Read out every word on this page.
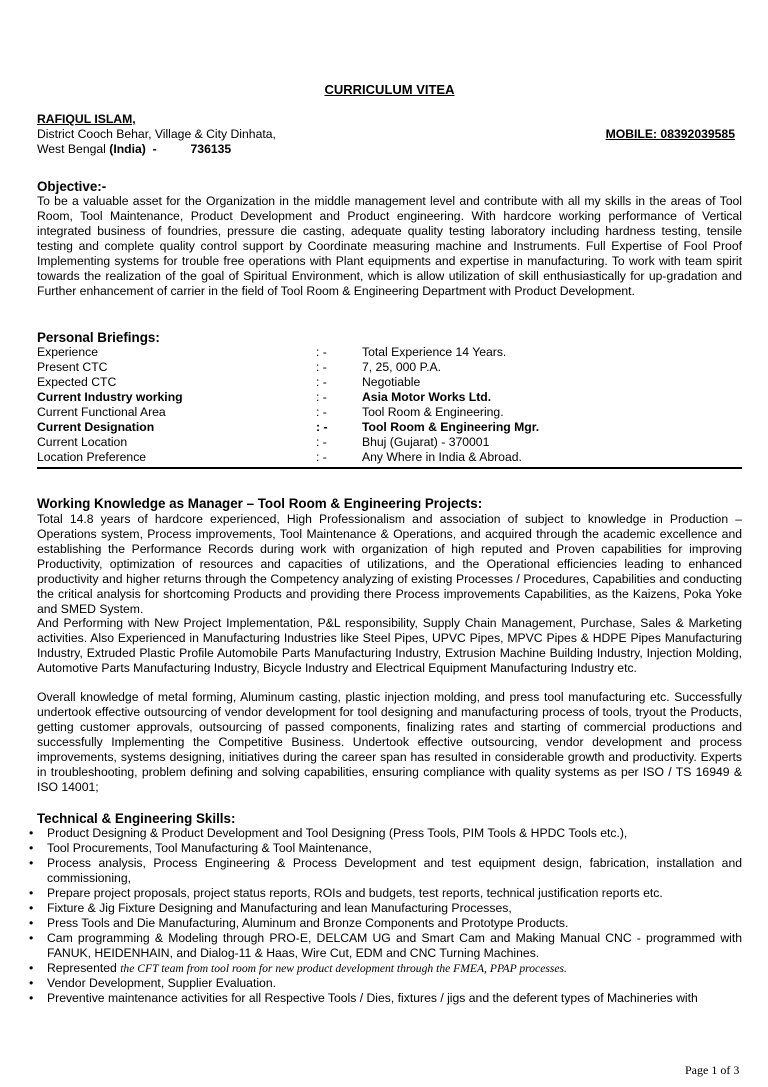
CURRICULUM VITEA
RAFIQUL ISLAM,
District Cooch Behar, Village & City Dinhata,	MOBILE: 08392039585
West Bengal (India)  -          736135
Objective:-
To be a valuable asset for the Organization in the middle management level and contribute with all my skills in the areas of Tool Room, Tool Maintenance, Product Development and Product engineering. With hardcore working performance of Vertical integrated business of foundries, pressure die casting, adequate quality testing laboratory including hardness testing, tensile testing and complete quality control support by Coordinate measuring machine and Instruments. Full Expertise of Fool Proof Implementing systems for trouble free operations with Plant equipments and expertise in manufacturing. To work with team spirit towards the realization of the goal of Spiritual Environment, which is allow utilization of skill enthusiastically for up-gradation and Further enhancement of carrier in the field of Tool Room & Engineering Department with Product Development.
Personal Briefings:
Experience	: -	Total Experience 14 Years.
Present CTC	: -	7, 25, 000 P.A.
Expected CTC	: -	Negotiable
Current Industry working	: -	Asia Motor Works Ltd.
Current Functional Area	: -	Tool Room & Engineering.
Current Designation	: -	Tool Room & Engineering Mgr.
Current Location	: -	Bhuj (Gujarat) - 370001
Location Preference	: -	Any Where in India & Abroad.
Working Knowledge as Manager – Tool Room & Engineering Projects:
Total 14.8 years of hardcore experienced, High Professionalism and association of subject to knowledge in Production – Operations system, Process improvements, Tool Maintenance & Operations, and acquired through the academic excellence and establishing the Performance Records during work with organization of high reputed and Proven capabilities for improving Productivity, optimization of resources and capacities of utilizations, and the Operational efficiencies leading to enhanced productivity and higher returns through the Competency analyzing of existing Processes / Procedures, Capabilities and conducting the critical analysis for shortcoming Products and providing there Process improvements Capabilities, as the Kaizens, Poka Yoke and SMED System.
And Performing with New Project Implementation, P&L responsibility, Supply Chain Management, Purchase, Sales & Marketing activities. Also Experienced in Manufacturing Industries like Steel Pipes, UPVC Pipes, MPVC Pipes & HDPE Pipes Manufacturing Industry, Extruded Plastic Profile Automobile Parts Manufacturing Industry, Extrusion Machine Building Industry, Injection Molding, Automotive Parts Manufacturing Industry, Bicycle Industry and Electrical Equipment Manufacturing Industry etc.
Overall knowledge of metal forming, Aluminum casting, plastic injection molding, and press tool manufacturing etc. Successfully undertook effective outsourcing of vendor development for tool designing and manufacturing process of tools, tryout the Products, getting customer approvals, outsourcing of passed components, finalizing rates and starting of commercial productions and successfully Implementing the Competitive Business. Undertook effective outsourcing, vendor development and process improvements, systems designing, initiatives during the career span has resulted in considerable growth and productivity. Experts in troubleshooting, problem defining and solving capabilities, ensuring compliance with quality systems as per ISO / TS 16949 & ISO 14001;
Technical & Engineering Skills:
• Product Designing & Product Development and Tool Designing (Press Tools, PIM Tools & HPDC Tools etc.),
• Tool Procurements, Tool Manufacturing & Tool Maintenance,
• Process analysis, Process Engineering & Process Development and test equipment design, fabrication, installation and commissioning,
• Prepare project proposals, project status reports, ROIs and budgets, test reports, technical justification reports etc.
• Fixture & Jig Fixture Designing and Manufacturing and lean Manufacturing Processes,
• Press Tools and Die Manufacturing, Aluminum and Bronze Components and Prototype Products.
• Cam programming & Modeling through PRO-E, DELCAM UG and Smart Cam and Making Manual CNC - programmed with FANUK, HEIDENHAIN, and Dialog-11 & Haas, Wire Cut, EDM and CNC Turning Machines.
• Represented the CFT team from tool room for new product development through the FMEA, PPAP processes.
• Vendor Development, Supplier Evaluation.
• Preventive maintenance activities for all Respective Tools / Dies, fixtures / jigs and the deferent types of Machineries with
Page 1 of 3
